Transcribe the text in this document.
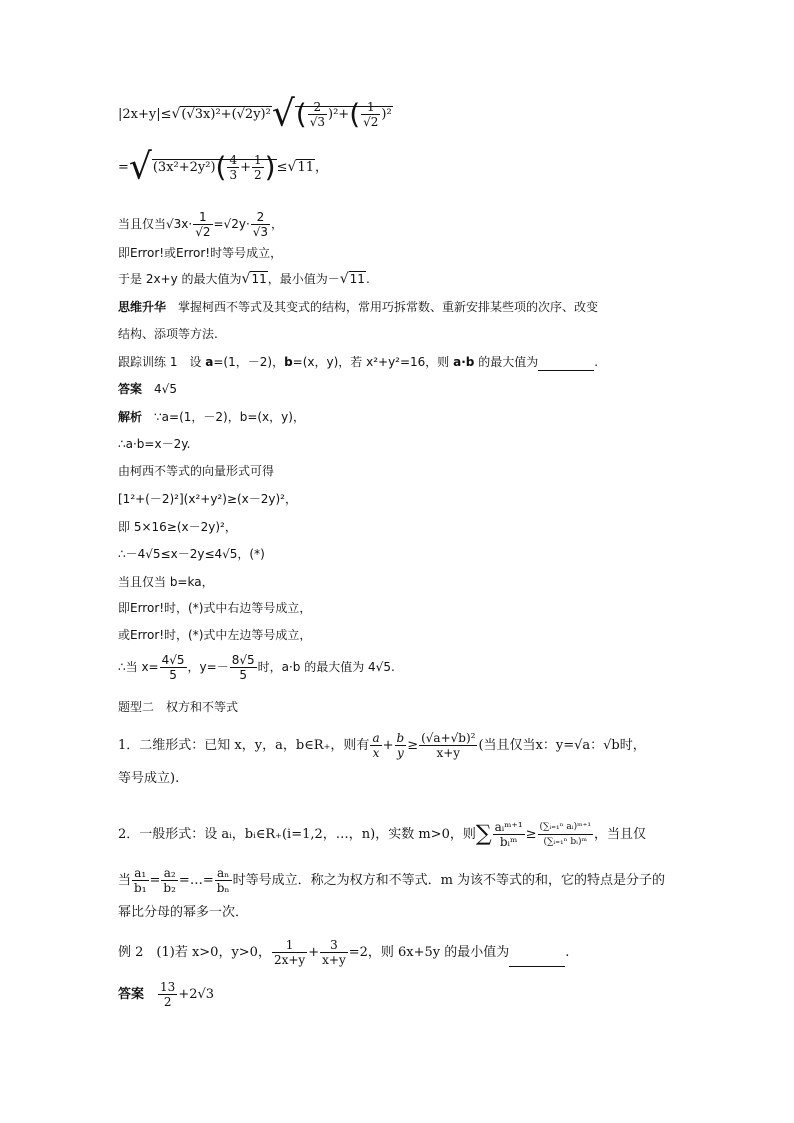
$|2x+y|\le√(√3x)^2+(√2y)^2√( \frac{2}{√3} )^2+( \frac{1}{√2} )^2$
$=√(3x^2+2y^2)( \frac{4}{3} + \frac{1}{2} )\le√11$，
当且仅当$√3x\cdot \frac{1}{√2} =√2y\cdot \frac{2}{√3}$ ，
即Error!或Error!时等号成立，
于是 2x+y 的最大值为√11，最小值为－√11.
思维升华　 掌握柯西不等式及其变式的结构，常用巧拆常数、重新安排某些项的次序、改变
结构、添项等方法.
跟踪训练 1　设 a=(1，－2)，b=(x，y)，若 x²+y²=16，则 a·b 的最大值为	.
答案　 4√5
解析　 ∵a=(1，－2)，b=(x，y)，
∴a·b=x－2y.
由柯西不等式的向量形式可得
[1²+(－2)²](x²+y²)≥(x－2y)²，
即 5×16≥(x－2y)²，
∴－4√5≤x－2y≤4√5，(*)
当且仅当 b=ka，
即Error!时，(*)式中右边等号成立，
或Error!时，(*)式中左边等号成立，
∴当 $x= \frac{4√5}{5}$ ，$y=- \frac{8√5}{5}$ 时，a·b 的最大值为 4√5.
题型二　权方和不等式
1．二维形式：已知 x，y，a，b∈R₊，则有 $\frac{a}{x} + \frac{b}{y} \ge \frac{\text{(√a+√b)²}}{x+y}$ (当且仅当x：y=√a：√b时，
等号成立).
2．一般形式：设 aᵢ，bᵢ∈R₊(i=1,2，…，n)，实数 m>0，则∑ $\frac{\text{aᵢᵐ⁺¹}}{\text{bᵢᵐ}} \ge \frac{\text{(∑ᵢ₌₁ⁿ aᵢ)ᵐ⁺¹}}{\text{(∑ᵢ₌₁ⁿ bᵢ)ᵐ}}$ ，当且仅
当 $\frac{\text{a₁}}{\text{b₁}} = \frac{\text{a₂}}{\text{b₂}}$ =…= $\frac{\text{aₙ}}{\text{bₙ}}$ 时等号成立．称之为权方和不等式．m 为该不等式的和，它的特点是分子的
幂比分母的幂多一次．
例 2　(1)若 x>0，y>0， $\frac{1}{2x+y} + \frac{3}{x+y} =2$，则 6x+5y 的最小值为	.
答案　 $\frac{13}{2} +2√3$
